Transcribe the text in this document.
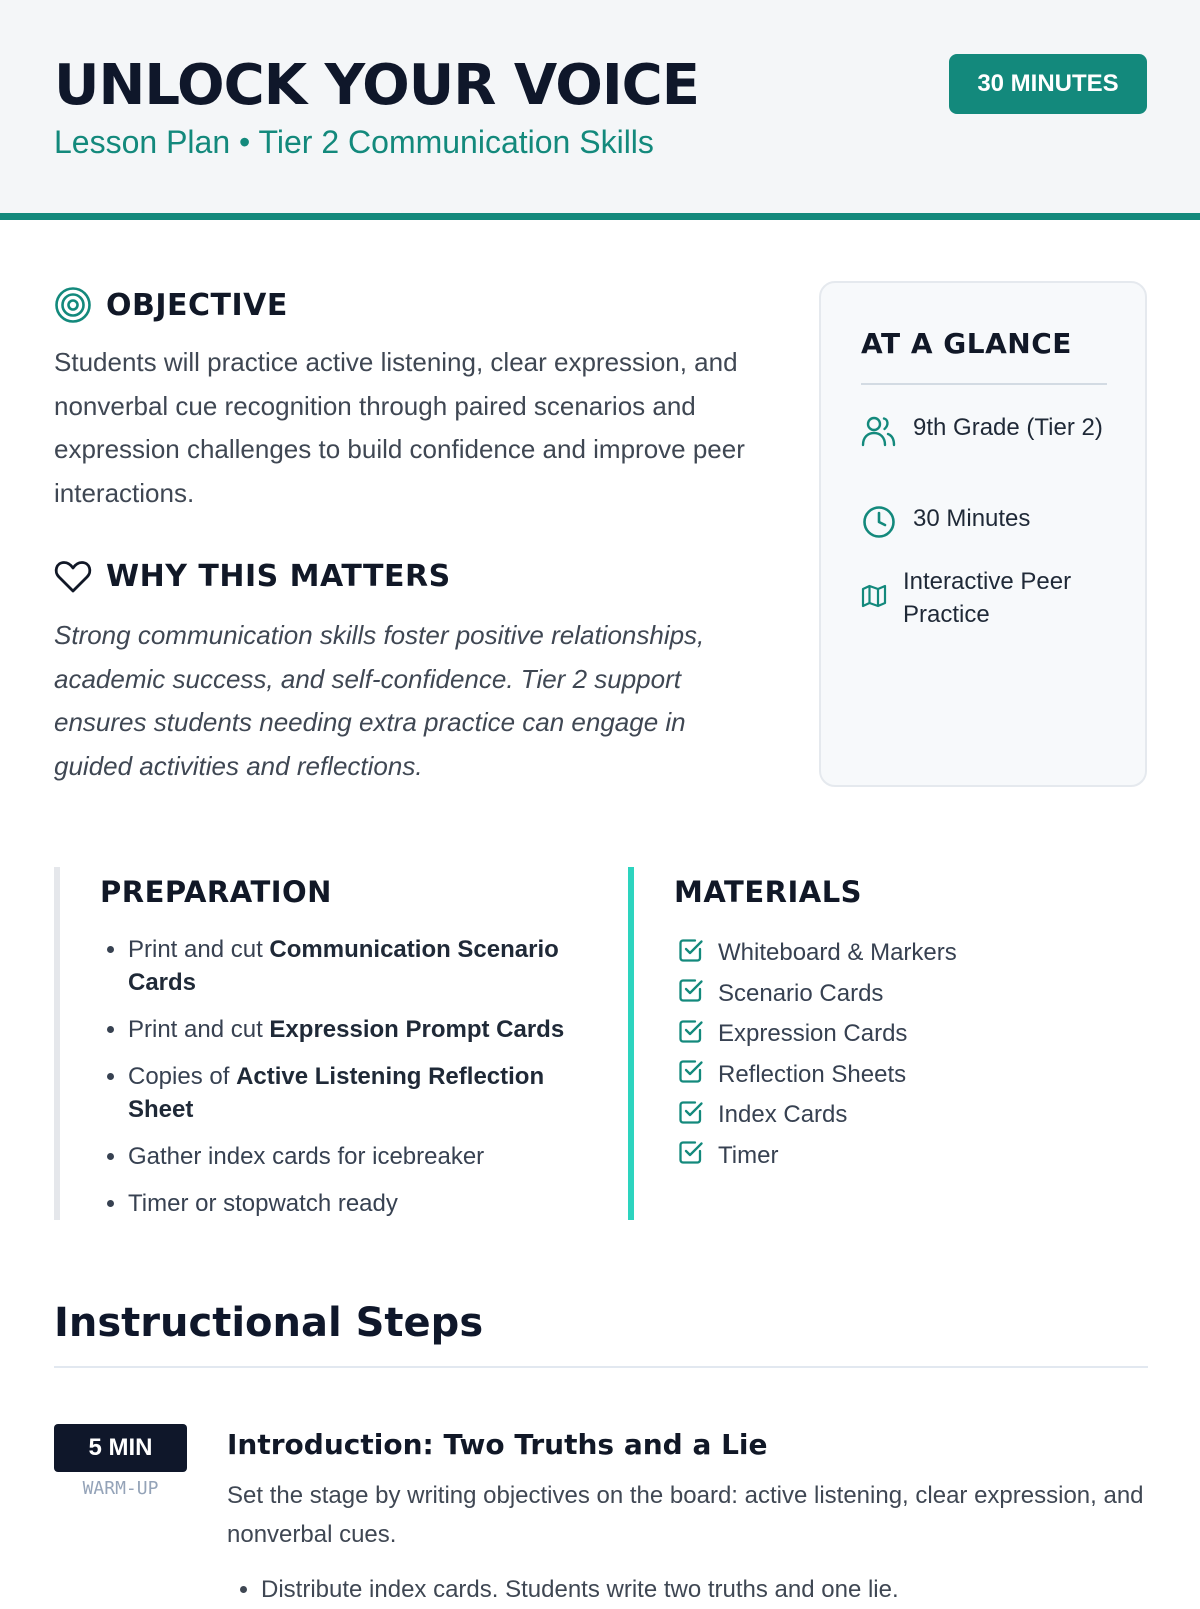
UNLOCK YOUR VOICE

Lesson Plan • Tier 2 Communication Skills

30 MINUTES
OBJECTIVE

Students will practice active listening, clear expression, and nonverbal cue recognition through paired scenarios and expression challenges to build confidence and improve peer interactions.

WHY THIS MATTERS

Strong communication skills foster positive relationships, academic success, and self-confidence. Tier 2 support ensures students needing extra practice can engage in guided activities and reflections.

AT A GLANCE
9th Grade (Tier 2)
30 Minutes
Interactive Peer Practice
PREPARATION
• Print and cut Communication Scenario Cards
• Print and cut Expression Prompt Cards
• Copies of Active Listening Reflection Sheet
• Gather index cards for icebreaker
• Timer or stopwatch ready
MATERIALS
Whiteboard & Markers
Scenario Cards
Expression Cards
Reflection Sheets
Index Cards
Timer
Instructional Steps
5 MIN
WARM-UP
Introduction: Two Truths and a Lie

Set the stage by writing objectives on the board: active listening, clear expression, and nonverbal cues.

• Distribute index cards. Students write two truths and one lie.
